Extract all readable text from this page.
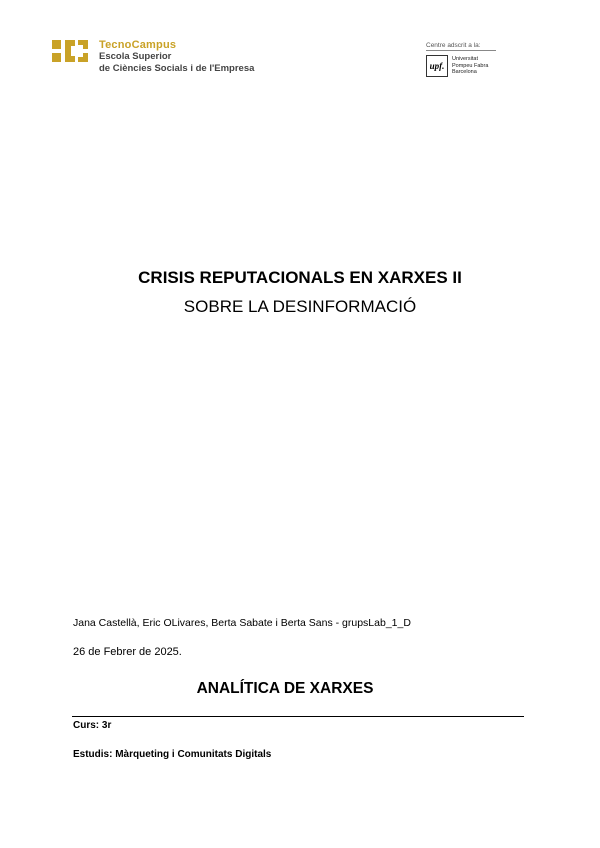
TecnoCampus
Escola Superior
de Ciències Socials i de l'Empresa
Centre adscrit a la:
upf.
Universitat
Pompeu Fabra
Barcelona
CRISIS REPUTACIONALS EN XARXES II
SOBRE LA DESINFORMACIÓ
Jana Castellà, Eric OLivares, Berta Sabate i Berta Sans - grupsLab_1_D
26 de Febrer de 2025.
ANALÍTICA DE XARXES
Curs: 3r
Estudis: Màrqueting i Comunitats Digitals
